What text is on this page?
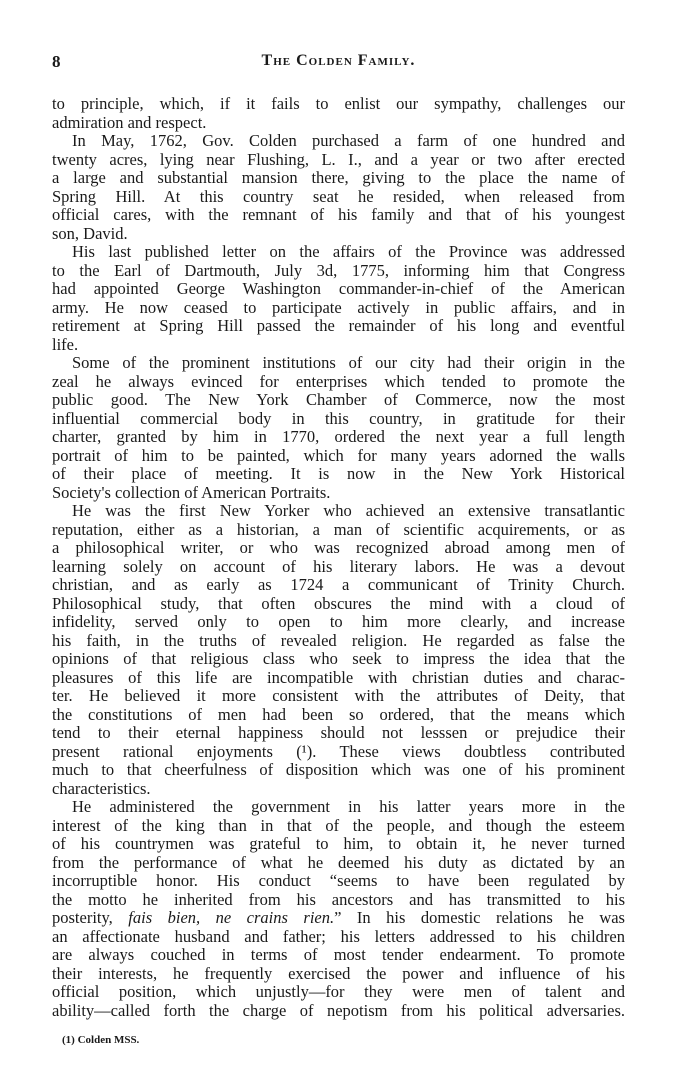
8	The Colden Family.
to principle, which, if it fails to enlist our sympathy, challenges our
admiration and respect.
In May, 1762, Gov. Colden purchased a farm of one hundred and
twenty acres, lying near Flushing, L. I., and a year or two after erected
a large and substantial mansion there, giving to the place the name of
Spring Hill. At this country seat he resided, when released from
official cares, with the remnant of his family and that of his youngest
son, David.
His last published letter on the affairs of the Province was addressed
to the Earl of Dartmouth, July 3d, 1775, informing him that Congress
had appointed George Washington commander-in-chief of the American
army. He now ceased to participate actively in public affairs, and in
retirement at Spring Hill passed the remainder of his long and eventful
life.
Some of the prominent institutions of our city had their origin in the
zeal he always evinced for enterprises which tended to promote the
public good. The New York Chamber of Commerce, now the most
influential commercial body in this country, in gratitude for their
charter, granted by him in 1770, ordered the next year a full length
portrait of him to be painted, which for many years adorned the walls
of their place of meeting. It is now in the New York Historical
Society's collection of American Portraits.
He was the first New Yorker who achieved an extensive transatlantic
reputation, either as a historian, a man of scientific acquirements, or as
a philosophical writer, or who was recognized abroad among men of
learning solely on account of his literary labors. He was a devout
christian, and as early as 1724 a communicant of Trinity Church.
Philosophical study, that often obscures the mind with a cloud of
infidelity, served only to open to him more clearly, and increase
his faith, in the truths of revealed religion. He regarded as false the
opinions of that religious class who seek to impress the idea that the
pleasures of this life are incompatible with christian duties and charac-
ter. He believed it more consistent with the attributes of Deity, that
the constitutions of men had been so ordered, that the means which
tend to their eternal happiness should not lesssen or prejudice their
present rational enjoyments (¹). These views doubtless contributed
much to that cheerfulness of disposition which was one of his prominent
characteristics.
He administered the government in his latter years more in the
interest of the king than in that of the people, and though the esteem
of his countrymen was grateful to him, to obtain it, he never turned
from the performance of what he deemed his duty as dictated by an
incorruptible honor. His conduct “seems to have been regulated by
the motto he inherited from his ancestors and has transmitted to his
posterity, fais bien, ne crains rien.” In his domestic relations he was
an affectionate husband and father; his letters addressed to his children
are always couched in terms of most tender endearment. To promote
their interests, he frequently exercised the power and influence of his
official position, which unjustly—for they were men of talent and
ability—called forth the charge of nepotism from his political adversaries.
(1) Colden MSS.
